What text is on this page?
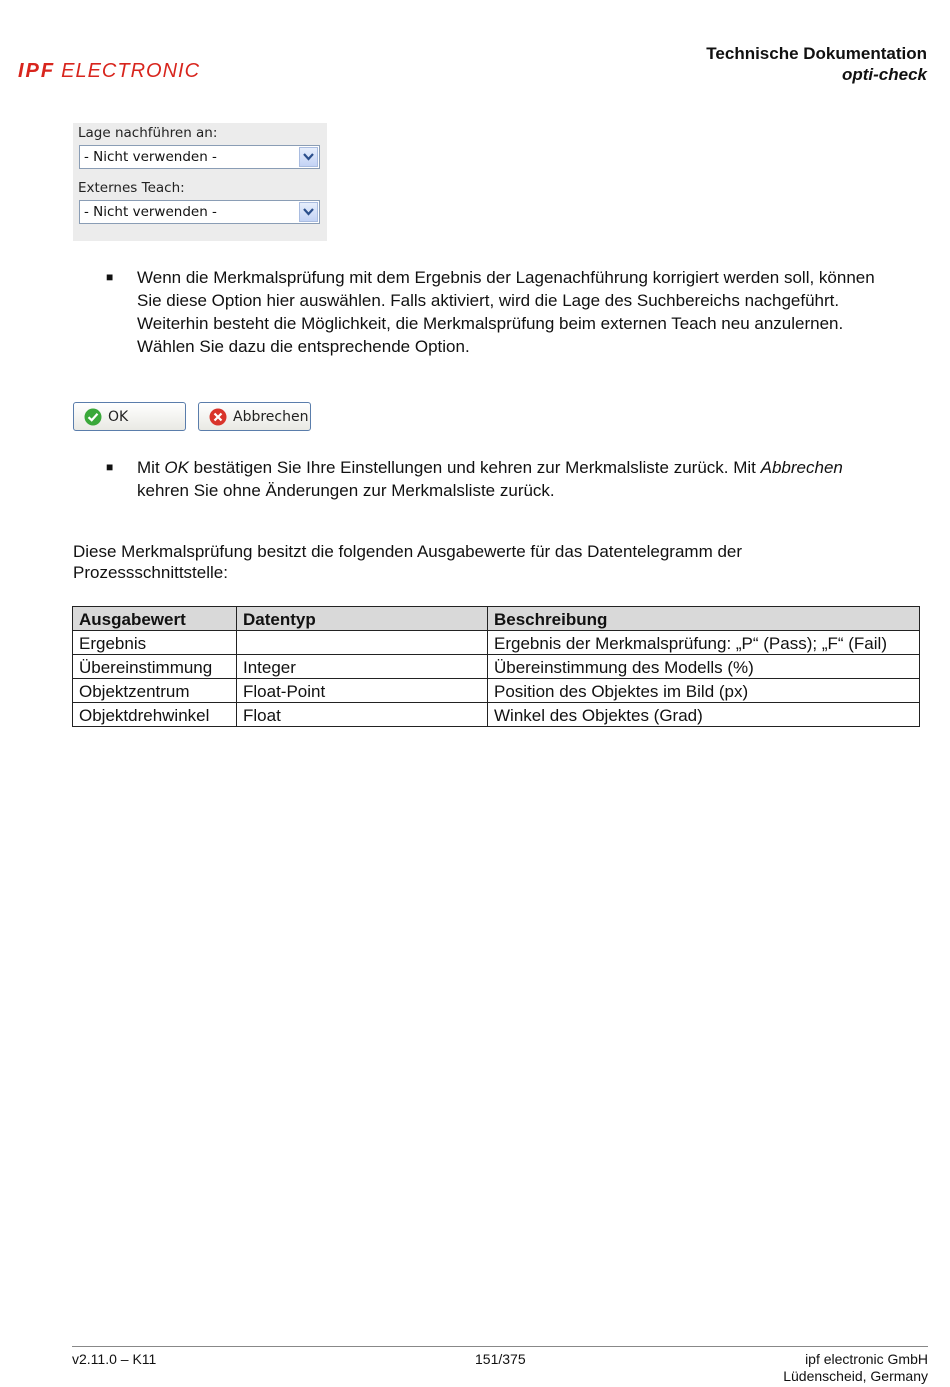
IPF ELECTRONIC
Technische Dokumentation
opti-check
Lage nachführen an:
- Nicht verwenden -
Externes Teach:
- Nicht verwenden -
■ Wenn die Merkmalsprüfung mit dem Ergebnis der Lagenachführung korrigiert werden soll, können
Sie diese Option hier auswählen. Falls aktiviert, wird die Lage des Suchbereichs nachgeführt.
Weiterhin besteht die Möglichkeit, die Merkmalsprüfung beim externen Teach neu anzulernen.
Wählen Sie dazu die entsprechende Option.
OK	Abbrechen
■ Mit OK bestätigen Sie Ihre Einstellungen und kehren zur Merkmalsliste zurück. Mit Abbrechen
kehren Sie ohne Änderungen zur Merkmalsliste zurück.
Diese Merkmalsprüfung besitzt die folgenden Ausgabewerte für das Datentelegramm der
Prozessschnittstelle:
Ausgabewert	Datentyp	Beschreibung
Ergebnis		Ergebnis der Merkmalsprüfung: „P“ (Pass); „F“ (Fail)
Übereinstimmung	Integer	Übereinstimmung des Modells (%)
Objektzentrum	Float-Point	Position des Objektes im Bild (px)
Objektdrehwinkel	Float	Winkel des Objektes (Grad)
v2.11.0 – K11	151/375	ipf electronic GmbH
Lüdenscheid, Germany
